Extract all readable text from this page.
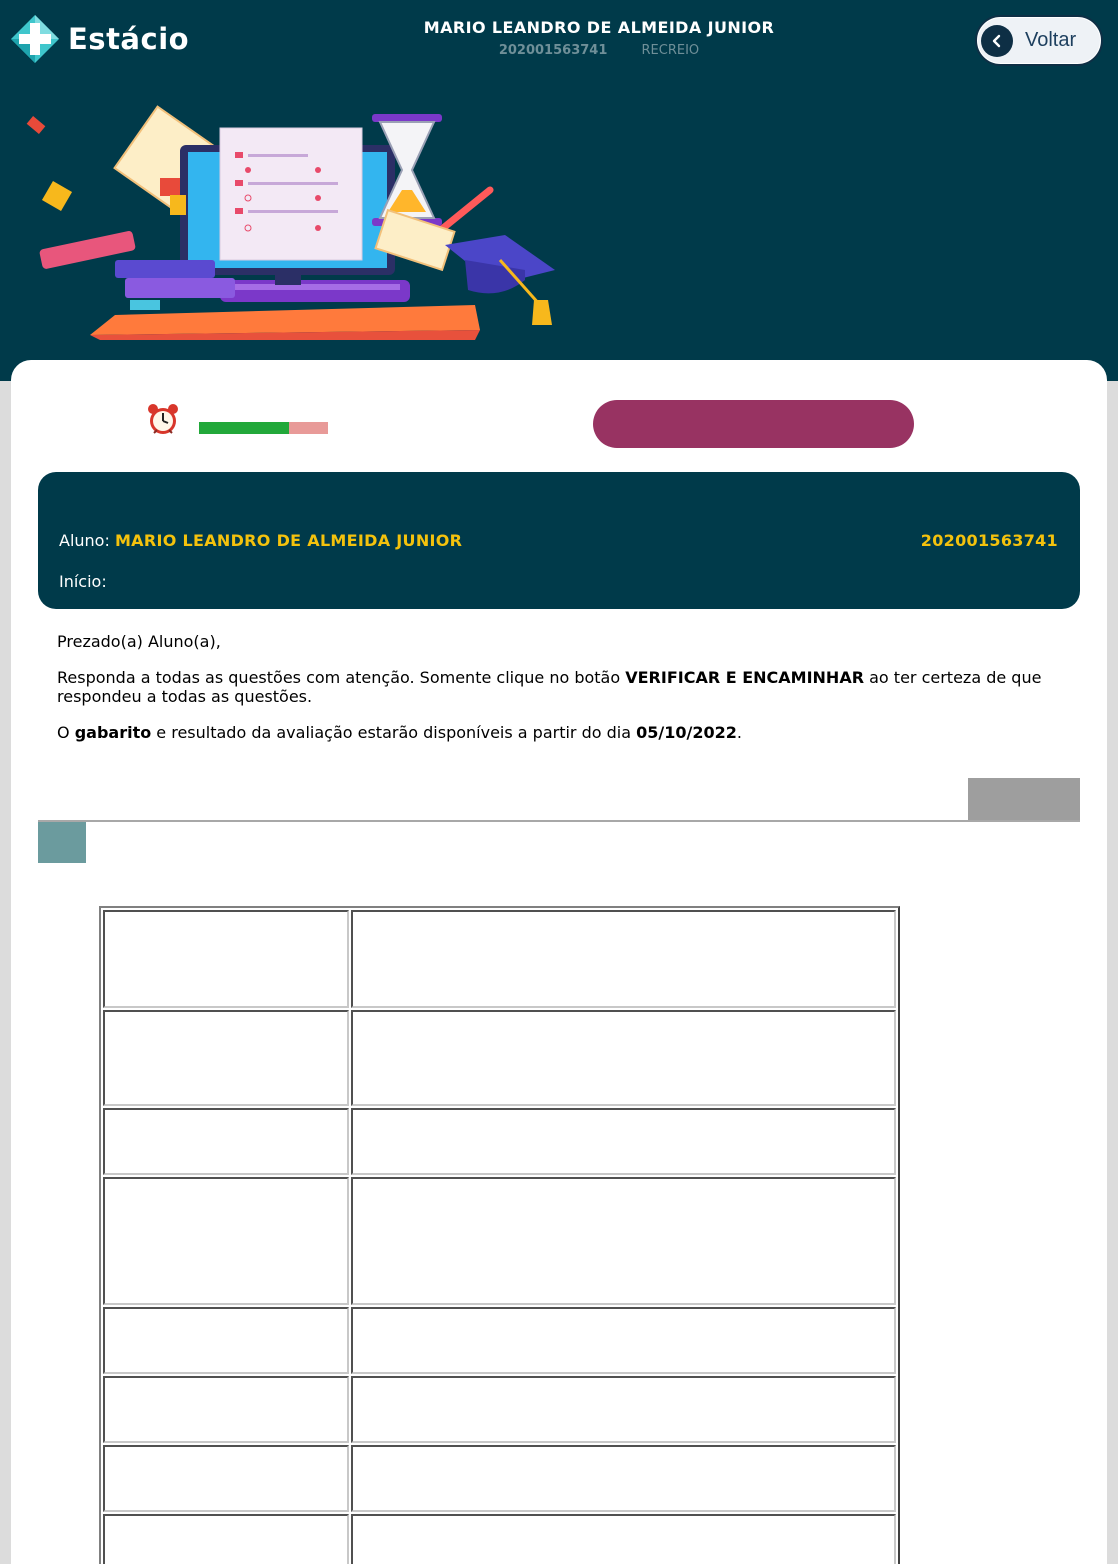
Estácio	MARIO LEANDRO DE ALMEIDA JUNIOR
202001563741	RECREIO	Voltar
Aluno: MARIO LEANDRO DE ALMEIDA JUNIOR	202001563741
Início:

Prezado(a) Aluno(a),

Responda a todas as questões com atenção. Somente clique no botão VERIFICAR E ENCAMINHAR ao ter certeza de que respondeu a todas as questões.

O gabarito e resultado da avaliação estarão disponíveis a partir do dia 05/10/2022.
